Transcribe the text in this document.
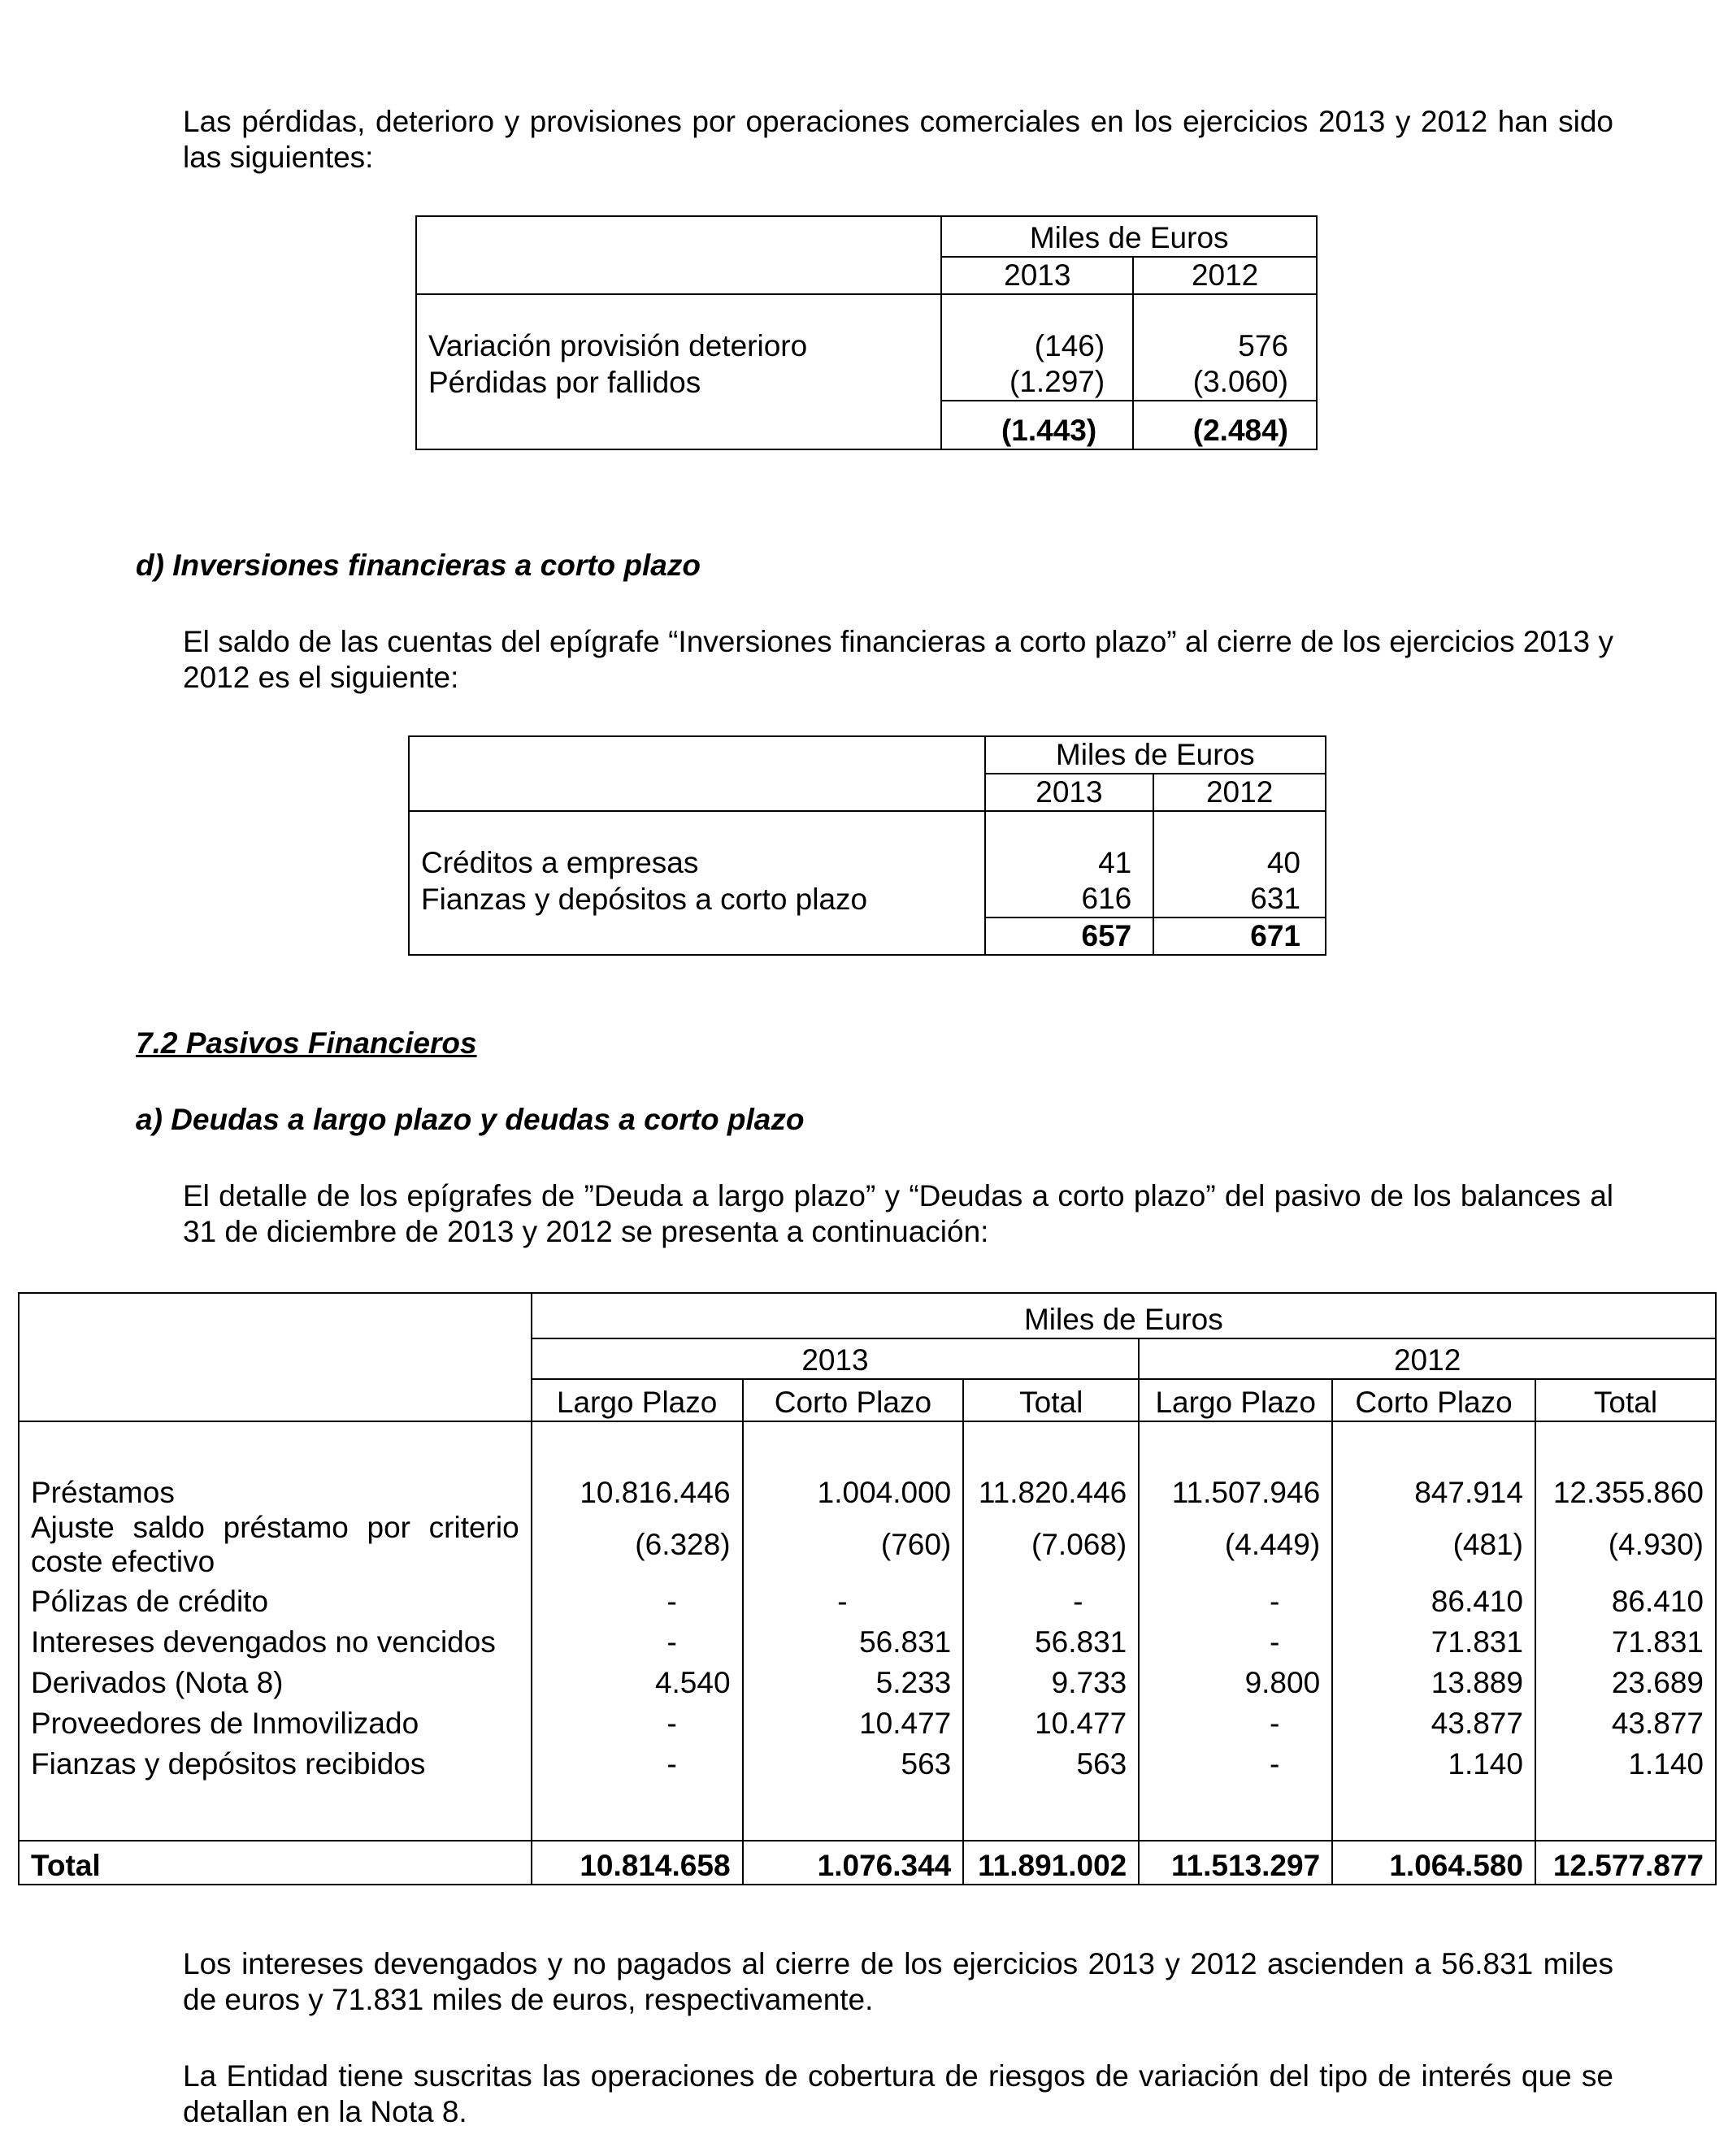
Las pérdidas, deterioro y provisiones por operaciones comerciales en los ejercicios 2013 y 2012 han sido las siguientes:

	Miles de Euros	
	2013	2012

Variación provisión deterioro	(146)	576
Pérdidas por fallidos	(1.297)	(3.060)
	(1.443)	(2.484)

d) Inversiones financieras a corto plazo

El saldo de las cuentas del epígrafe “Inversiones financieras a corto plazo” al cierre de los ejercicios 2013 y 2012 es el siguiente:

	Miles de Euros	
	2013	2012

Créditos a empresas	41	40
Fianzas y depósitos a corto plazo	616	631
	657	671

7.2 Pasivos Financieros

a) Deudas a largo plazo y deudas a corto plazo

El detalle de los epígrafes de ”Deuda a largo plazo” y “Deudas a corto plazo” del pasivo de los balances al 31 de diciembre de 2013 y 2012 se presenta a continuación:

	Miles de Euros					
	2013			2012		
	Largo Plazo	Corto Plazo	Total	Largo Plazo	Corto Plazo	Total

Préstamos	10.816.446	1.004.000	11.820.446	11.507.946	847.914	12.355.860
Ajuste saldo préstamo por criterio coste efectivo	(6.328)	(760)	(7.068)	(4.449)	(481)	(4.930)
Pólizas de crédito	-	-	-	-	86.410	86.410
Intereses devengados no vencidos	-	56.831	56.831	-	71.831	71.831
Derivados (Nota 8)	4.540	5.233	9.733	9.800	13.889	23.689
Proveedores de Inmovilizado	-	10.477	10.477	-	43.877	43.877
Fianzas y depósitos recibidos	-	563	563	-	1.140	1.140

Total	10.814.658	1.076.344	11.891.002	11.513.297	1.064.580	12.577.877

Los intereses devengados y no pagados al cierre de los ejercicios 2013 y 2012 ascienden a 56.831 miles de euros y 71.831 miles de euros, respectivamente.

La Entidad tiene suscritas las operaciones de cobertura de riesgos de variación del tipo de interés que se detallan en la Nota 8.
